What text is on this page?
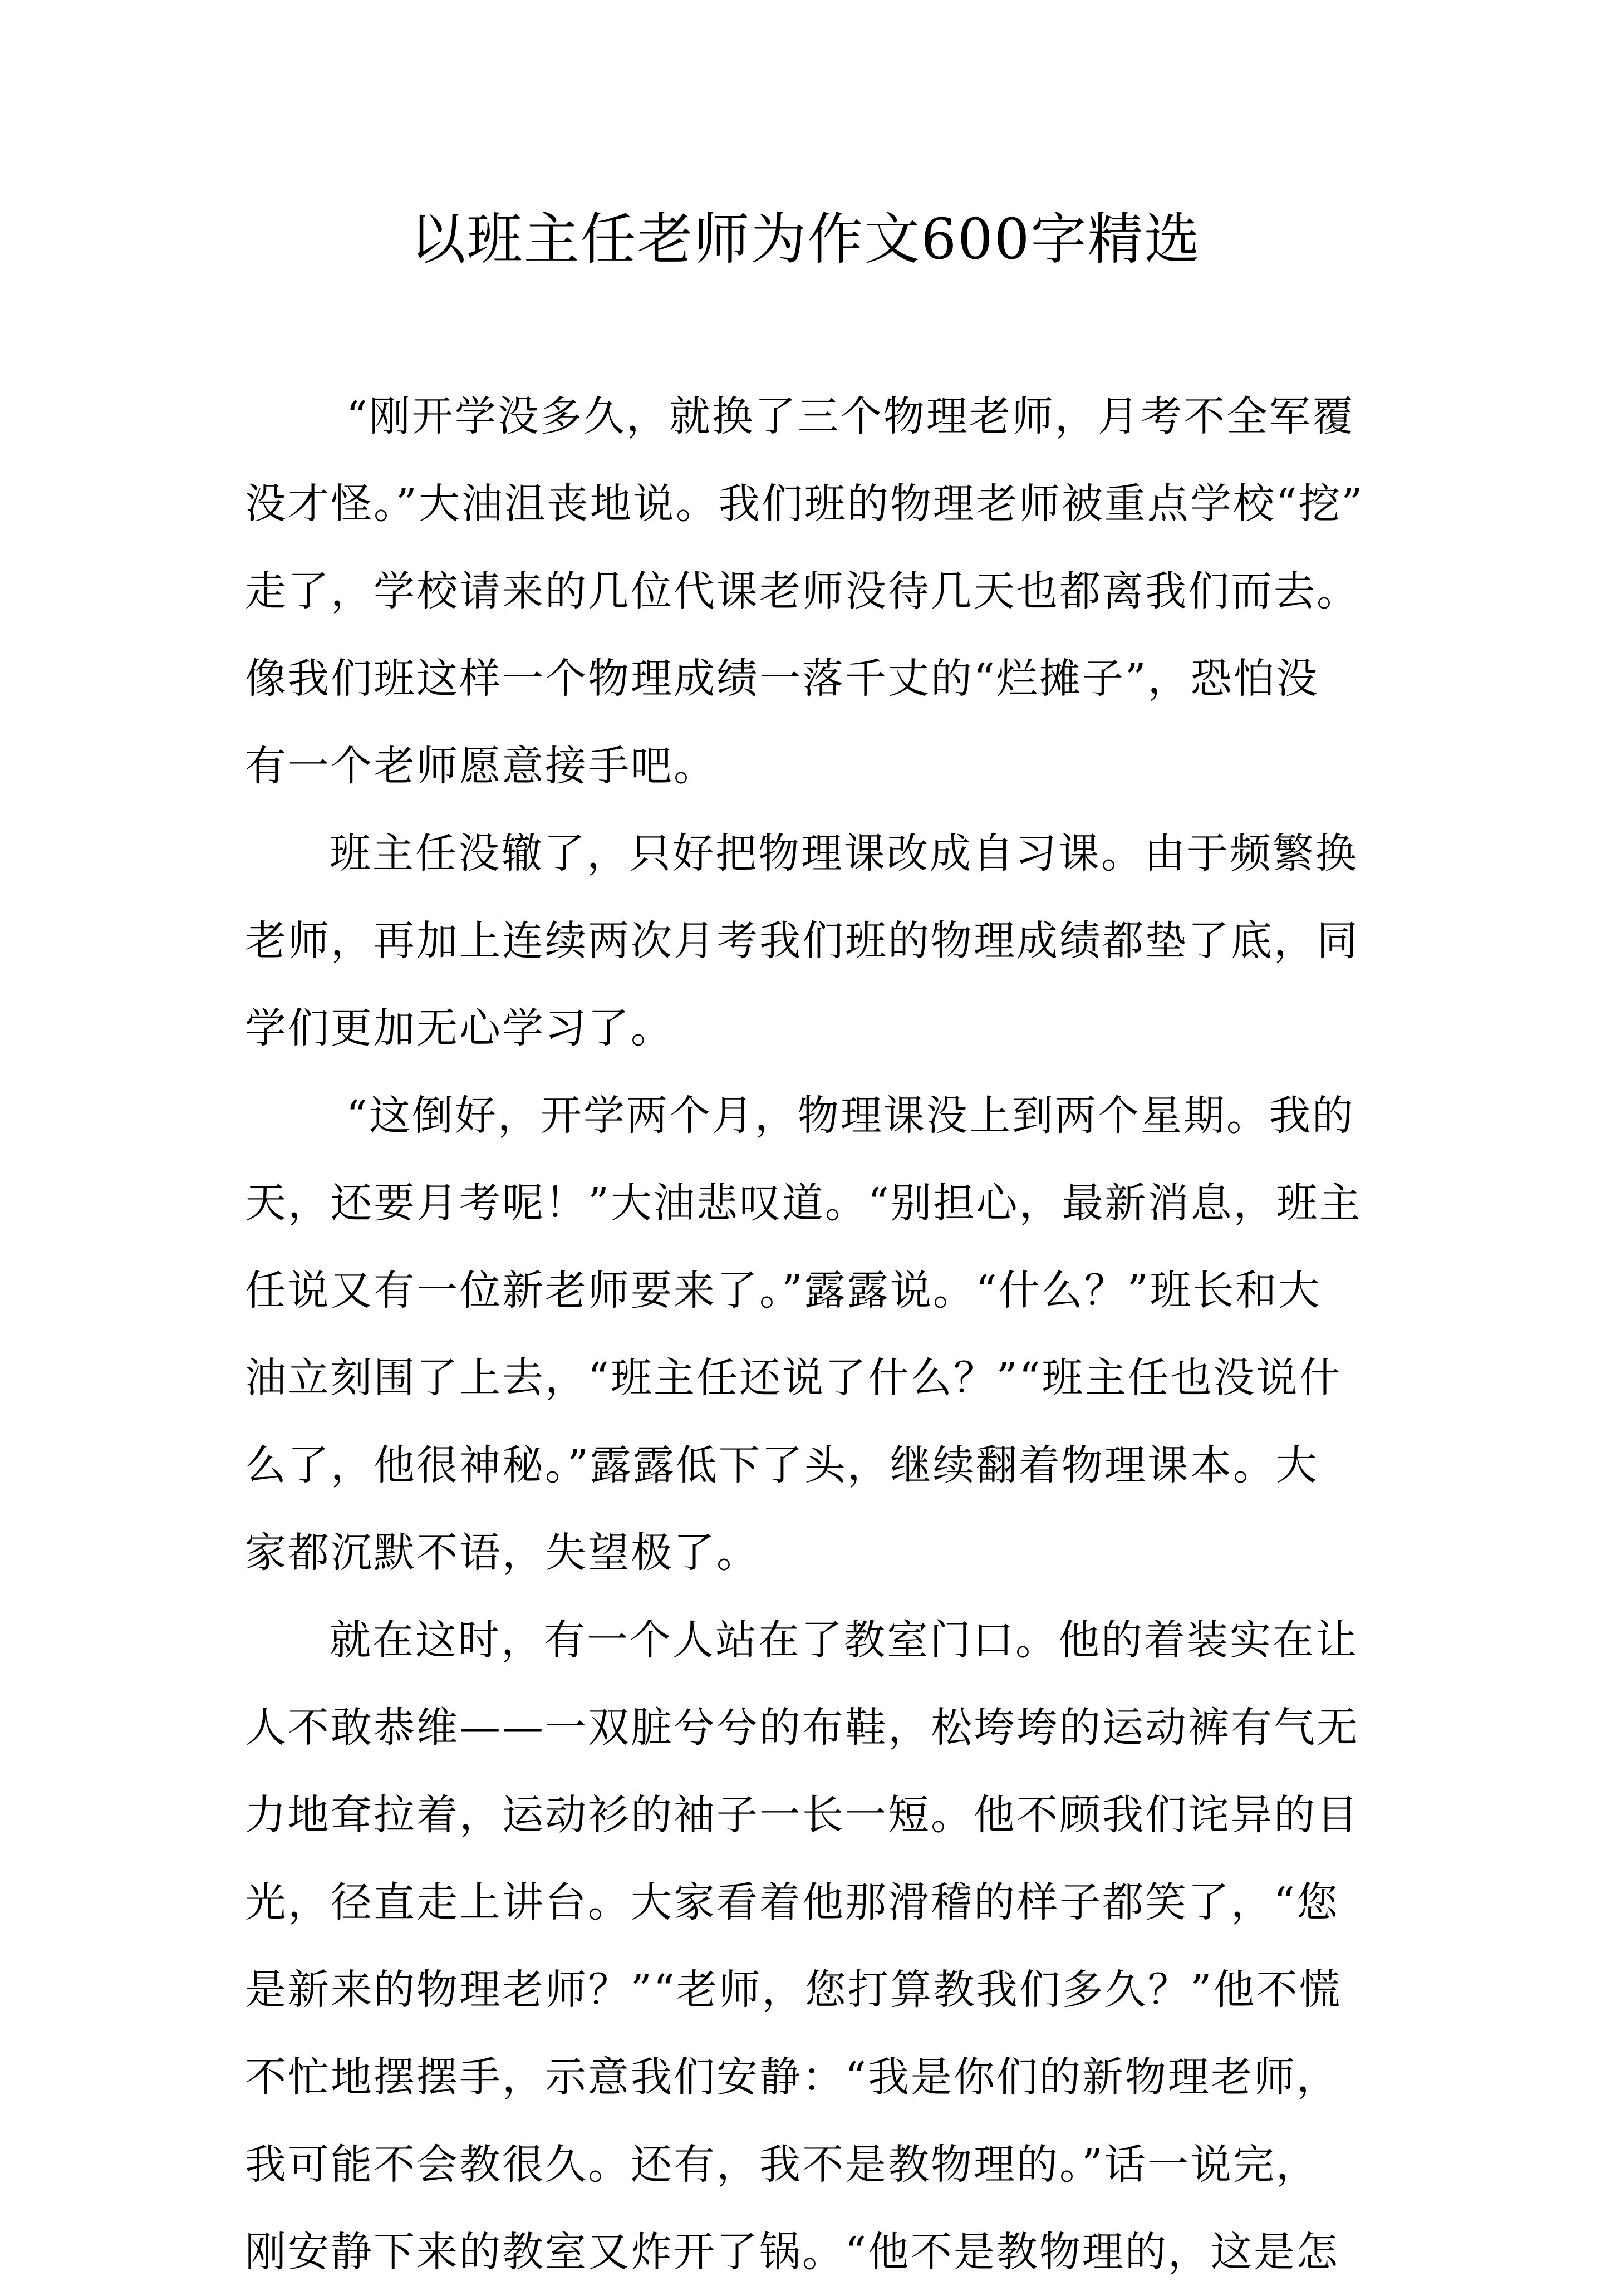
以班主任老师为作文600字精选
“刚开学没多久，就换了三个物理老师，月考不全军覆
没才怪。”大油沮丧地说。我们班的物理老师被重点学校“挖”
走了，学校请来的几位代课老师没待几天也都离我们而去。
像我们班这样一个物理成绩一落千丈的“烂摊子”，恐怕没
有一个老师愿意接手吧。
班主任没辙了，只好把物理课改成自习课。由于频繁换
老师，再加上连续两次月考我们班的物理成绩都垫了底，同
学们更加无心学习了。
“这倒好，开学两个月，物理课没上到两个星期。我的
天，还要月考呢！”大油悲叹道。“别担心，最新消息，班主
任说又有一位新老师要来了。”露露说。“什么？”班长和大
油立刻围了上去，“班主任还说了什么？”“班主任也没说什
么了，他很神秘。”露露低下了头，继续翻着物理课本。大
家都沉默不语，失望极了。
就在这时，有一个人站在了教室门口。他的着装实在让
人不敢恭维——一双脏兮兮的布鞋，松垮垮的运动裤有气无
力地耷拉着，运动衫的袖子一长一短。他不顾我们诧异的目
光，径直走上讲台。大家看着他那滑稽的样子都笑了，“您
是新来的物理老师？”“老师，您打算教我们多久？”他不慌
不忙地摆摆手，示意我们安静：“我是你们的新物理老师，
我可能不会教很久。还有，我不是教物理的。”话一说完，
刚安静下来的教室又炸开了锅。“他不是教物理的，这是怎
